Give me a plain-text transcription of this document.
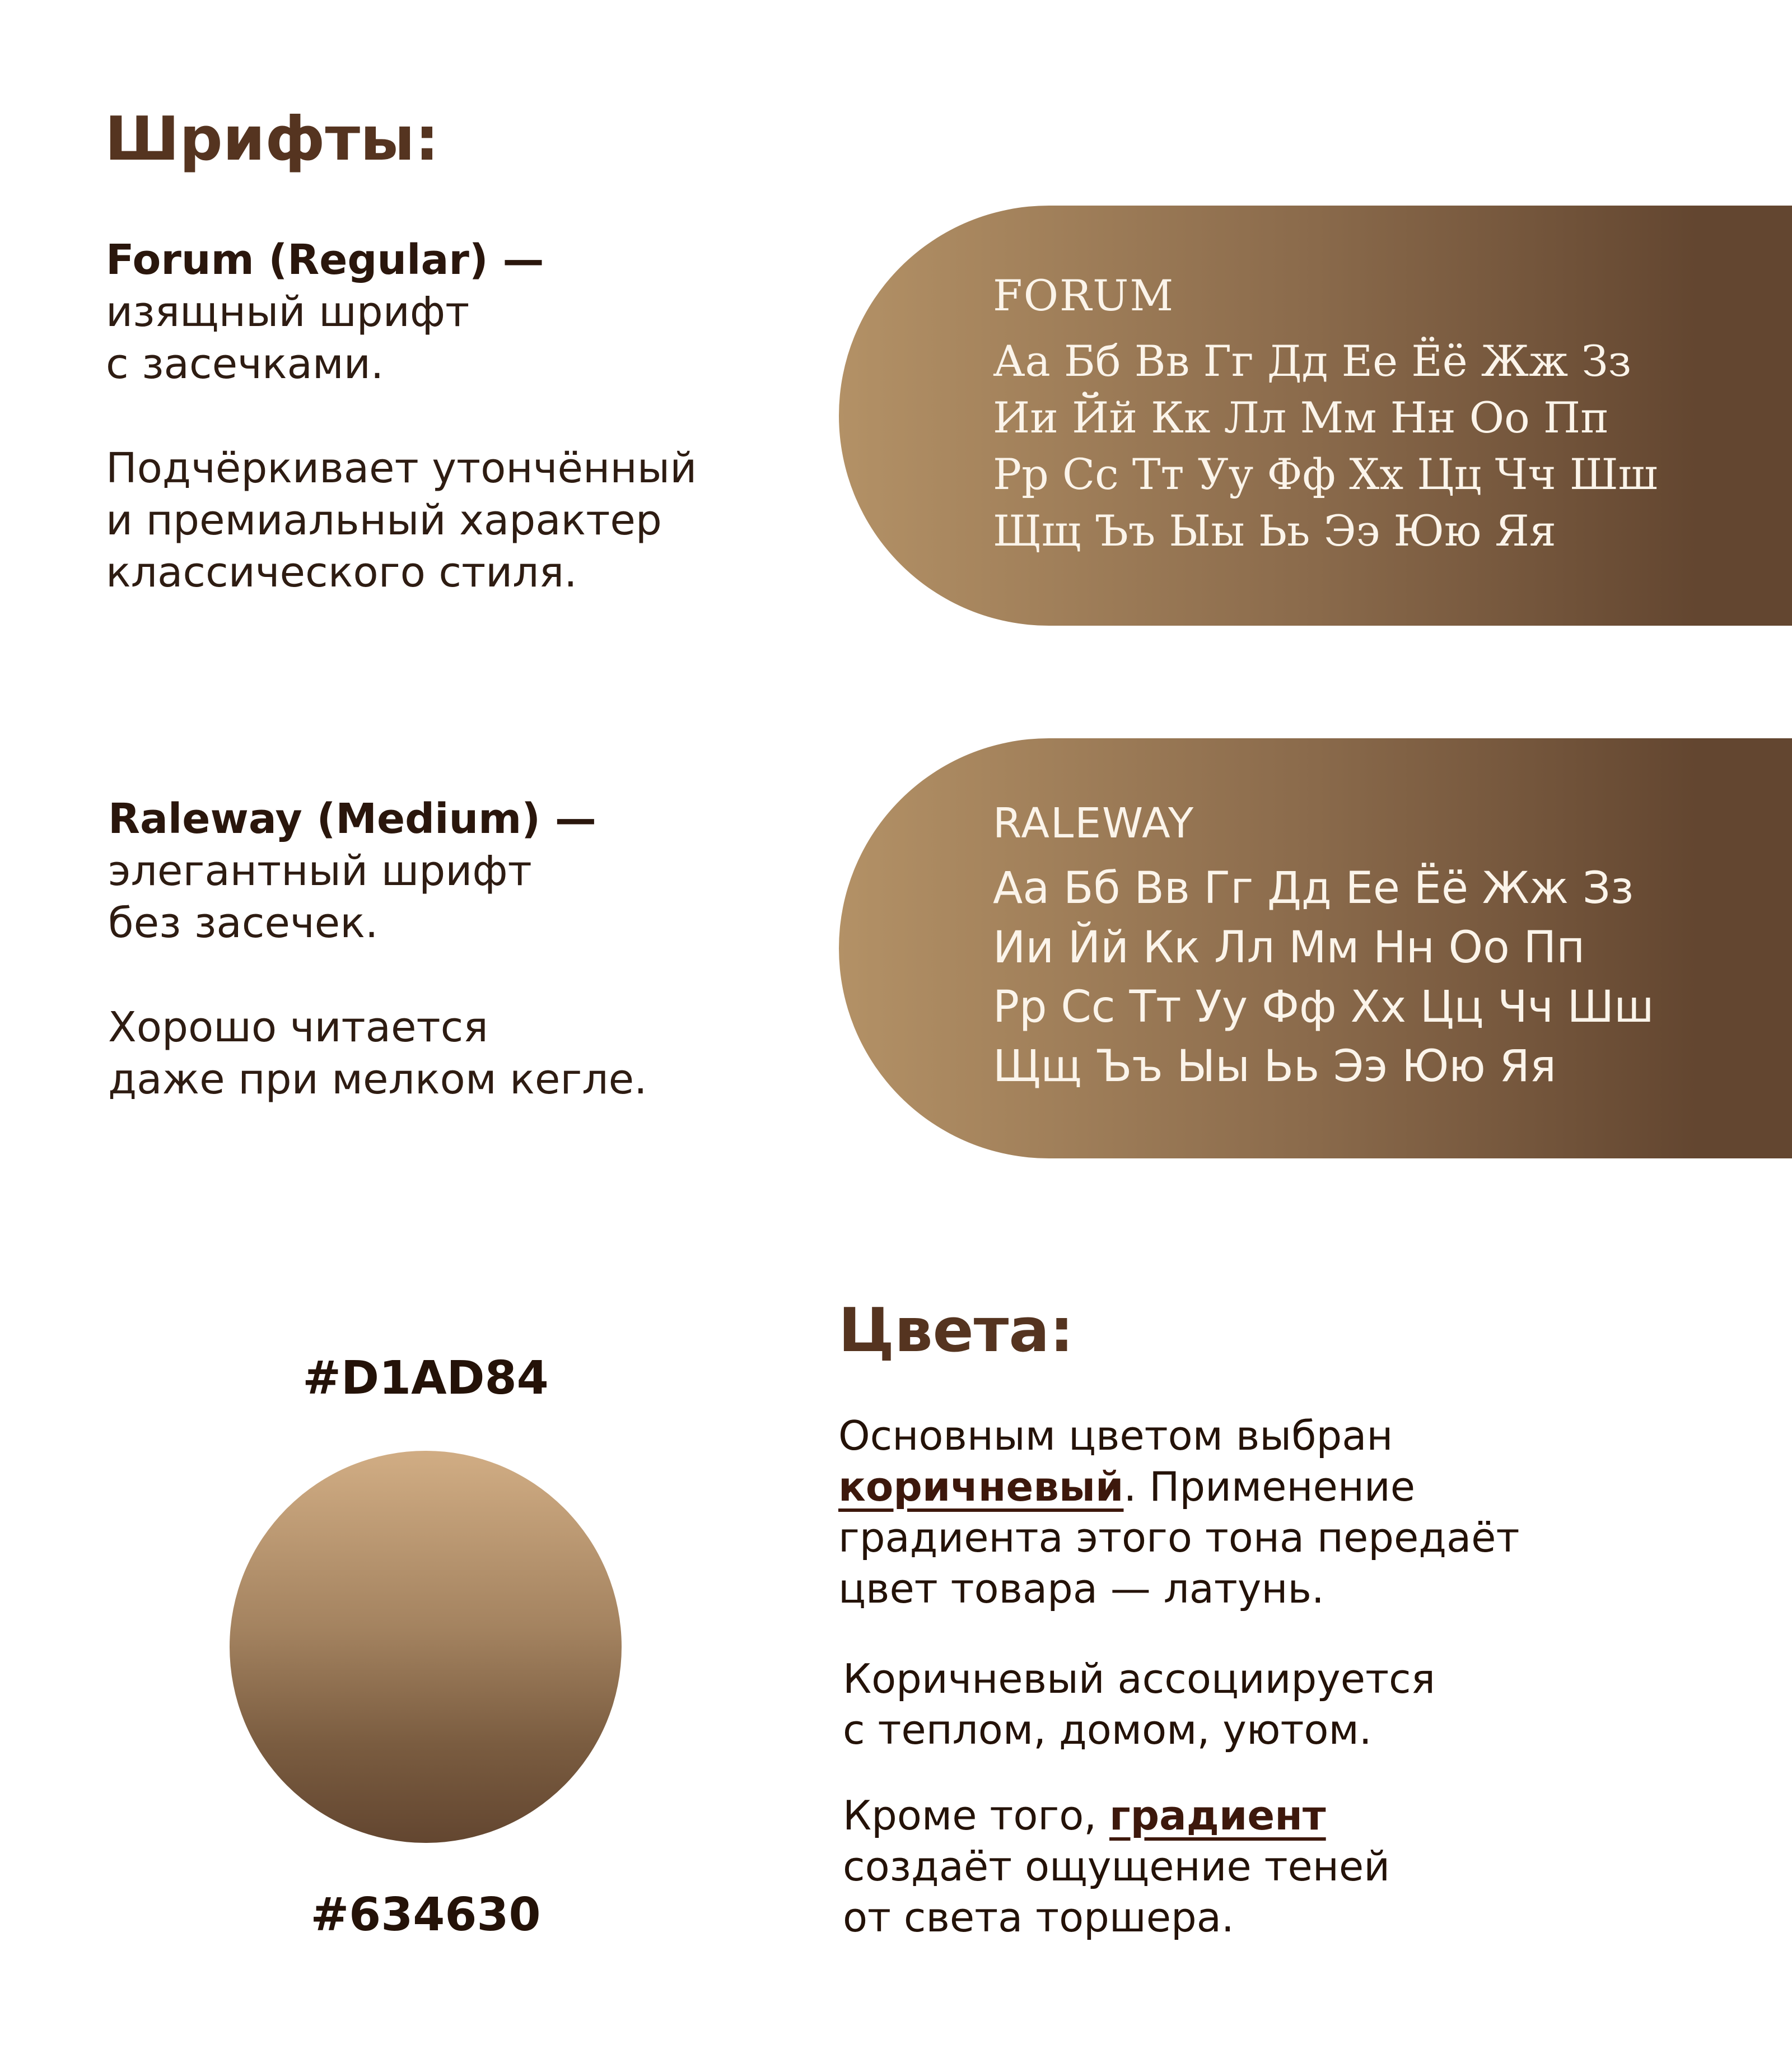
Шрифты:

Forum (Regular) —

изящный шрифт

с засечками.

Подчёркивает утончённый

и премиальный характер

классического стиля.

FORUM
Аа Бб Вв Гг Дд Ее Ёё Жж Зз
Ии Йй Кк Лл Мм Нн Оо Пп
Рр Сс Тт Уу Фф Хх Цц Чч Шш
Щщ Ъъ Ыы Ьь Ээ Юю Яя

Raleway (Medium) —

элегантный шрифт

без засечек.

Хорошо читается

даже при мелком кегле.

RALEWAY
Аа Бб Вв Гг Дд Ее Ёё Жж Зз
Ии Йй Кк Лл Мм Нн Оо Пп
Рр Сс Тт Уу Фф Хх Цц Чч Шш
Щщ Ъъ Ыы Ьь Ээ Юю Яя
#D1AD84
#634630
Цвета:

Основным цветом выбран

коричневый. Применение

градиента этого тона передаёт

цвет товара — латунь.

Коричневый ассоциируется

с теплом, домом, уютом.

Кроме того, градиент

создаёт ощущение теней

от света торшера.
